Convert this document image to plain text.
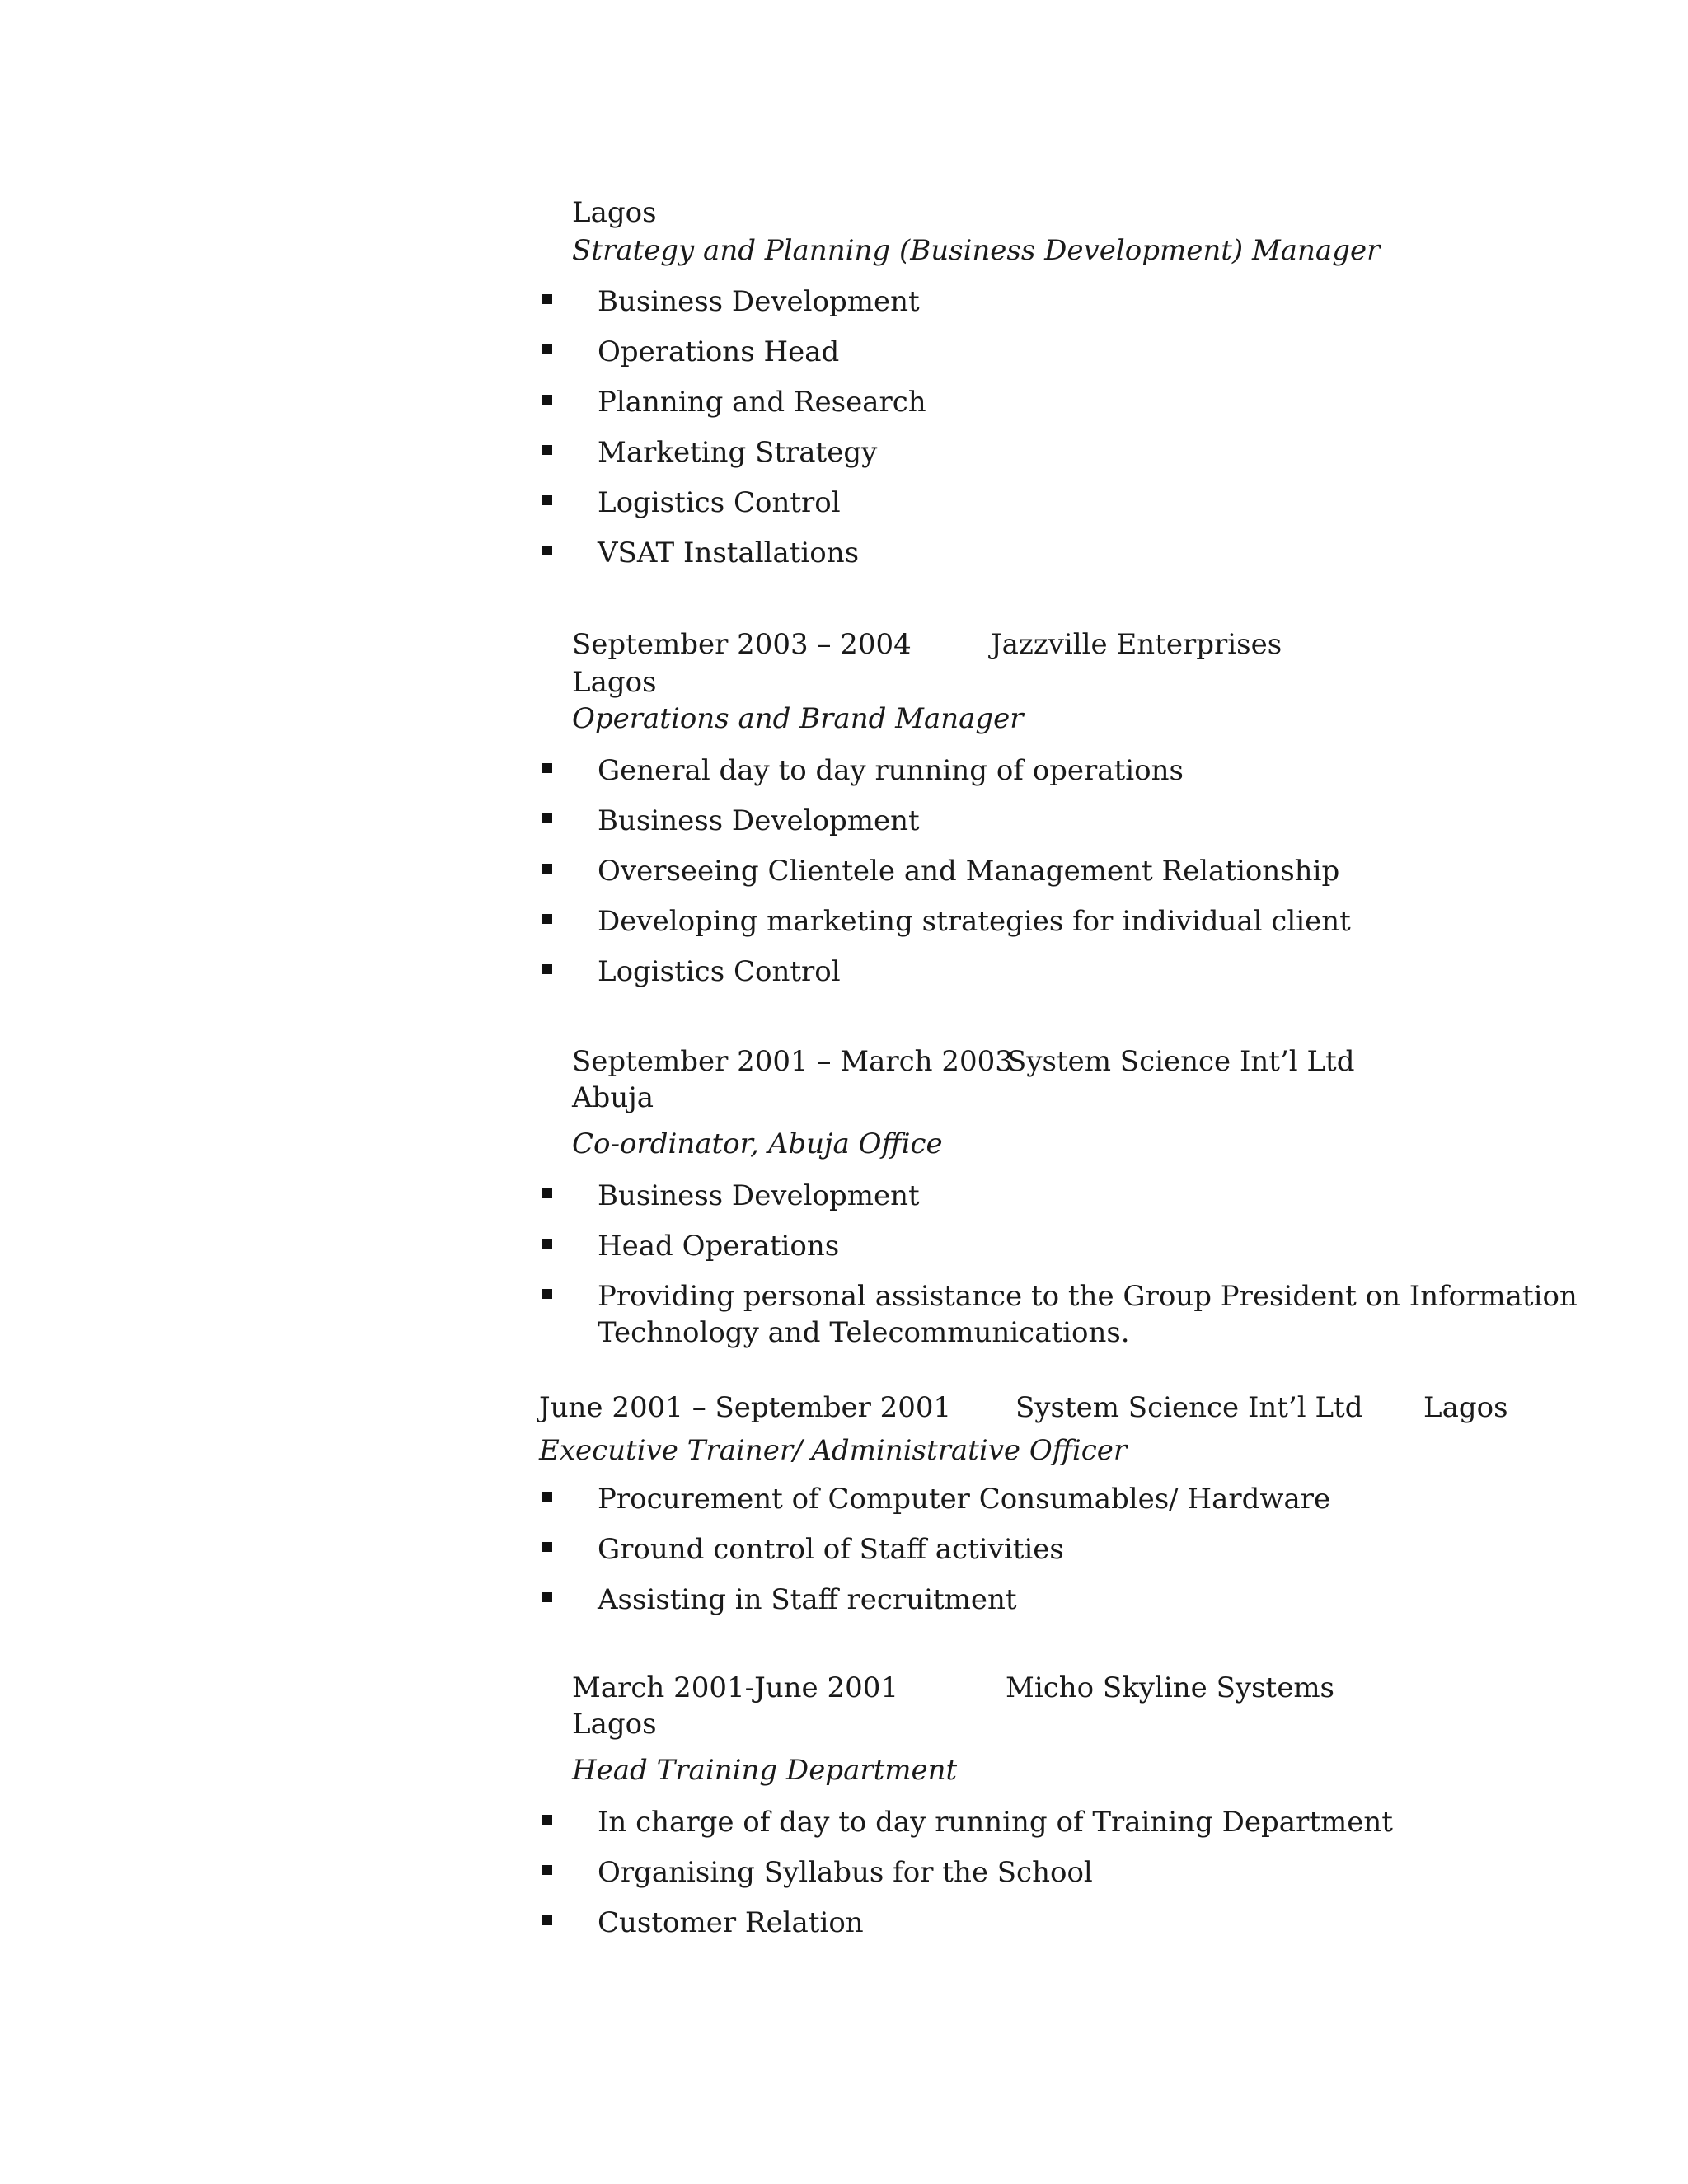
Lagos
Strategy and Planning (Business Development) Manager
Business Development
Operations Head
Planning and Research
Marketing Strategy
Logistics Control
VSAT Installations
September 2003 – 2004	Jazzville Enterprises
Lagos
Operations and Brand Manager
General day to day running of operations
Business Development
Overseeing Clientele and Management Relationship
Developing marketing strategies for individual client
Logistics Control
September 2001 – March 2003
System Science Int’l Ltd
Abuja
Co-ordinator, Abuja Office
Business Development
Head Operations
Providing personal assistance to the Group President on Information
Technology and Telecommunications.
June 2001 – September 2001 System Science Int’l Ltd Lagos
Executive Trainer/ Administrative Officer
Procurement of Computer Consumables/ Hardware
Ground control of Staff activities
Assisting in Staff recruitment
March 2001-June 2001	Micho Skyline Systems
Lagos
Head Training Department
In charge of day to day running of Training Department
Organising Syllabus for the School
Customer Relation
